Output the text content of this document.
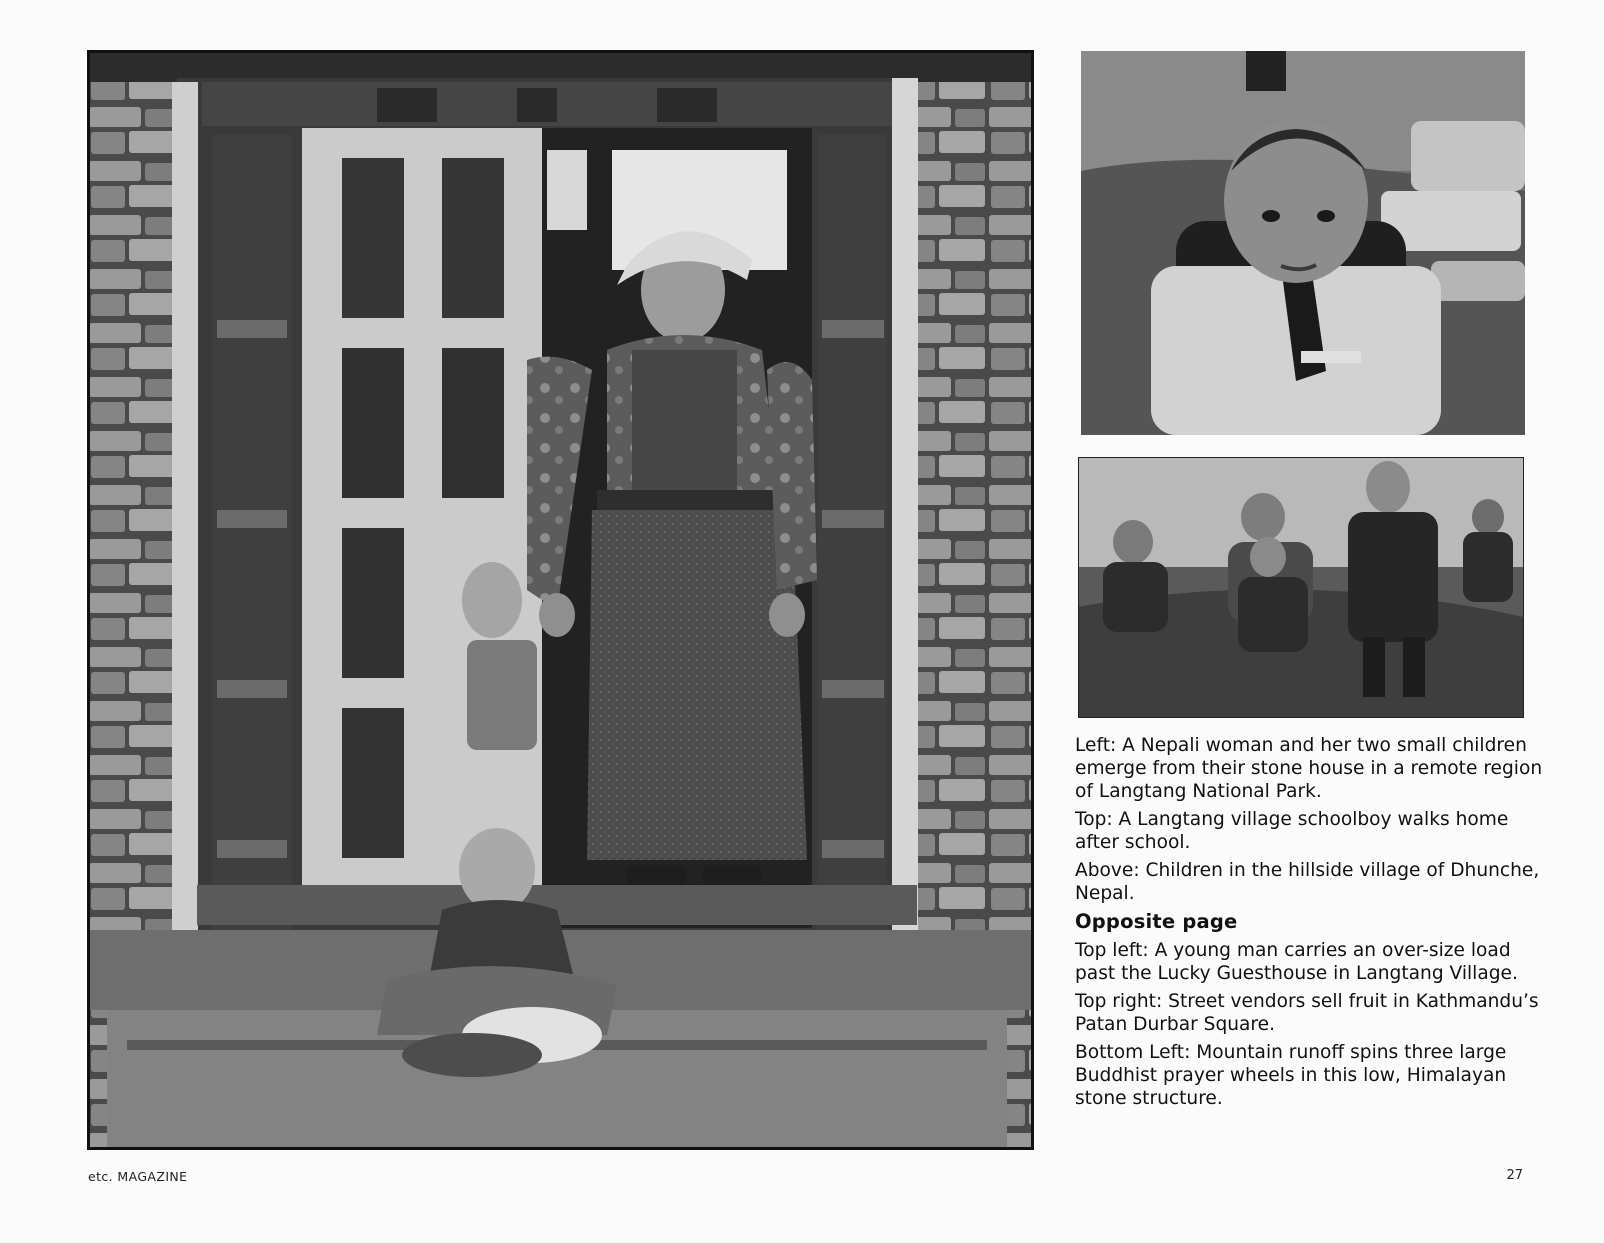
Left: A Nepali woman and her two small children emerge from their stone house in a remote region of Langtang National Park.

Top: A Langtang village schoolboy walks home after school.

Above: Children in the hillside village of Dhunche, Nepal.

Opposite page

Top left: A young man carries an over-size load past the Lucky Guesthouse in Langtang Village.

Top right: Street vendors sell fruit in Kathmandu’s Patan Durbar Square.

Bottom Left: Mountain runoff spins three large Buddhist prayer wheels in this low, Himalayan stone structure.

etc. MAGAZINE	27
